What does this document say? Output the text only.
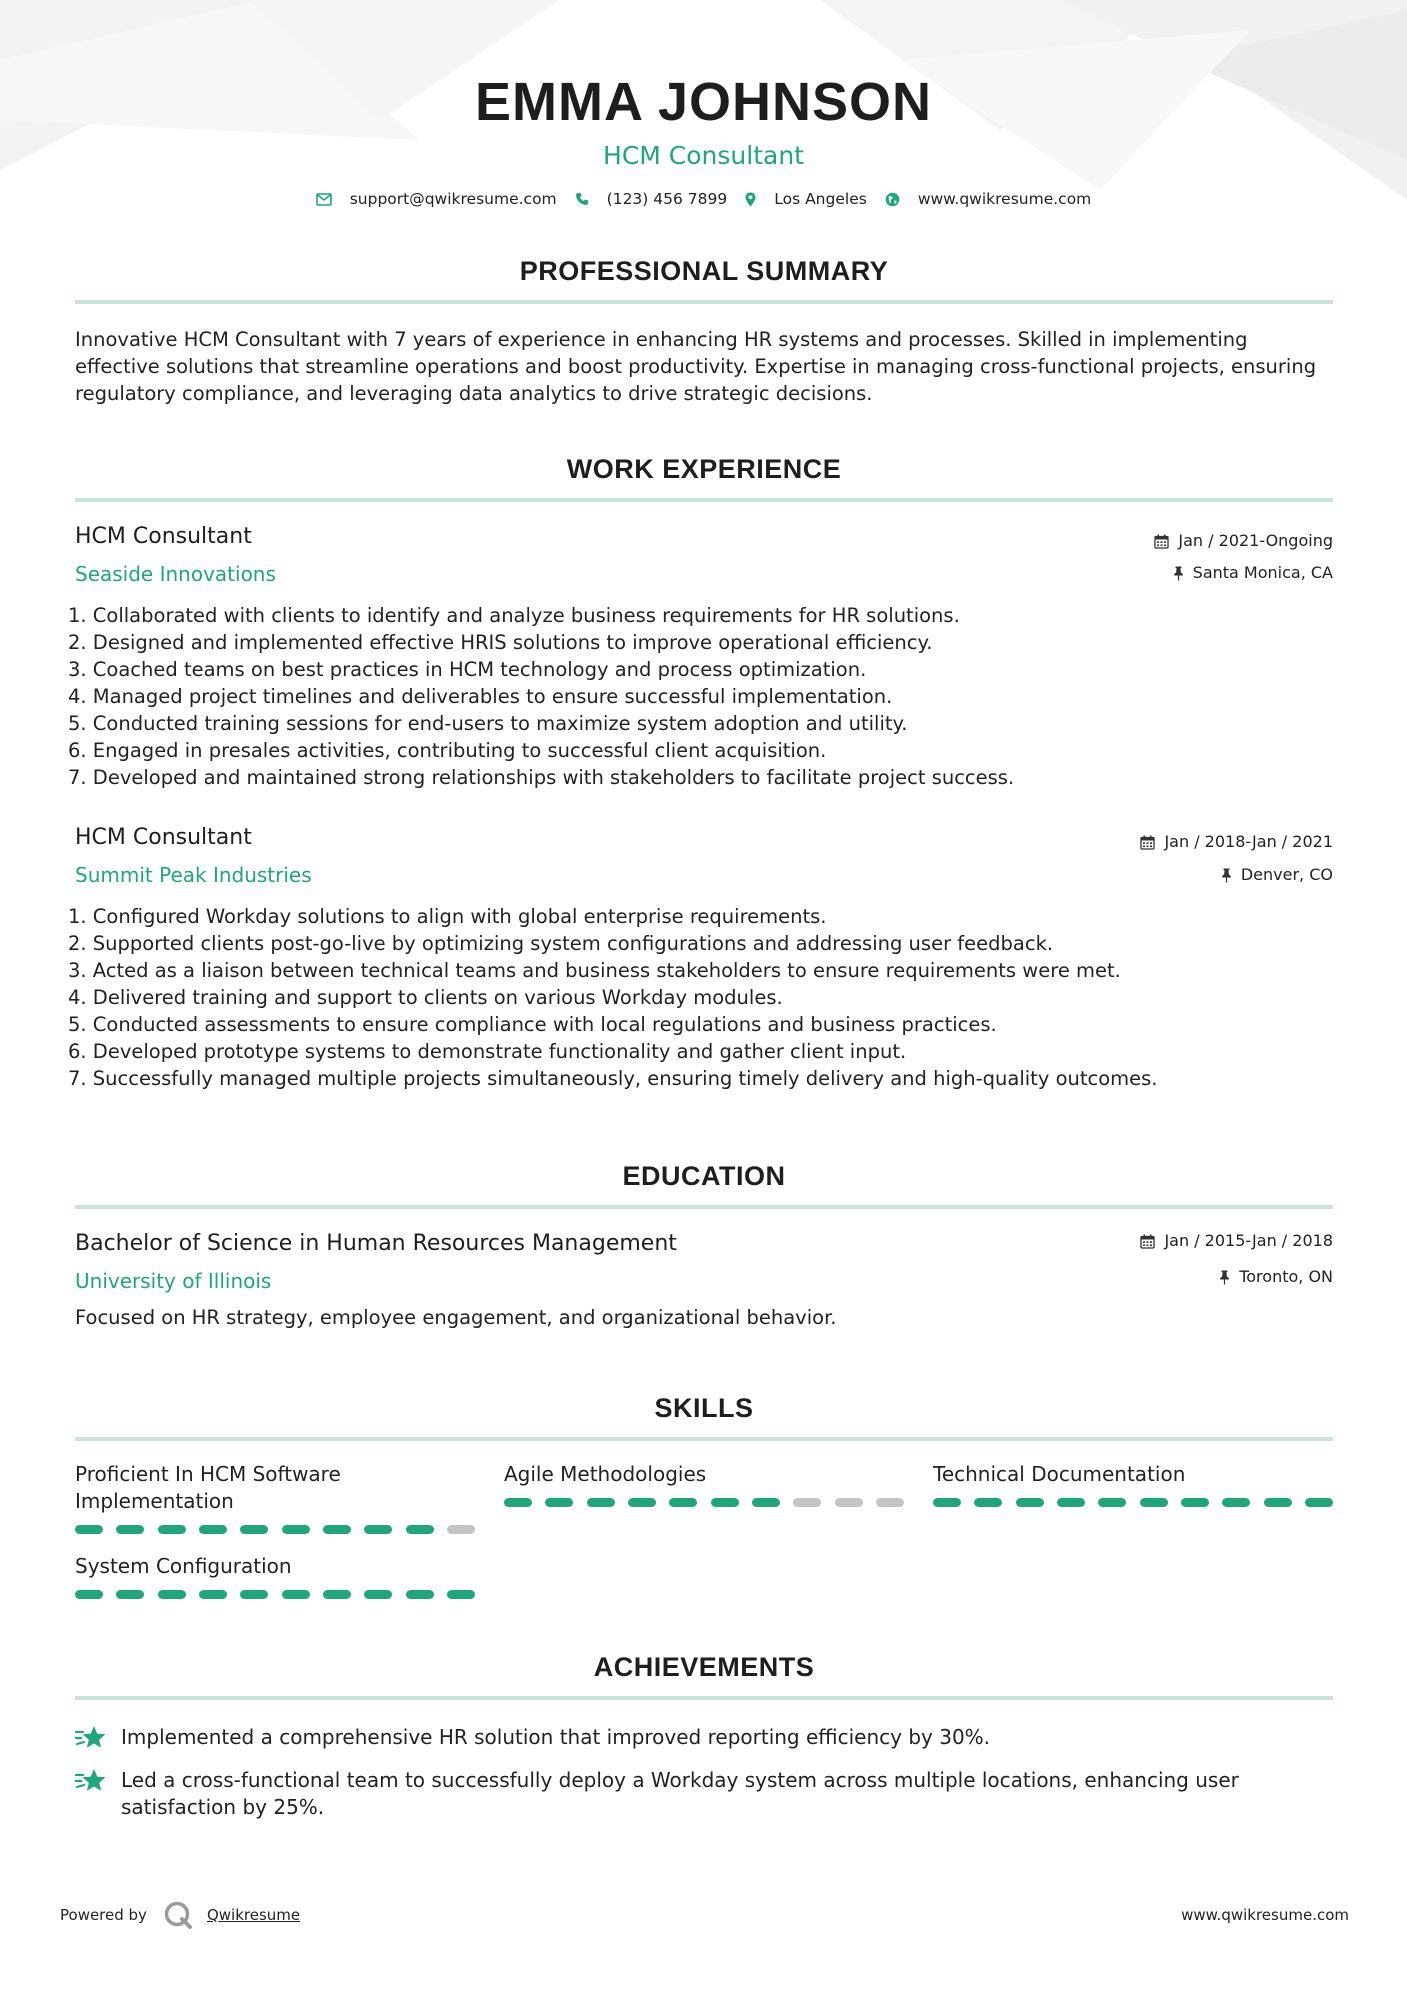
EMMA JOHNSON
HCM Consultant
support@qwikresume.com	(123) 456 7899	Los Angeles	www.qwikresume.com
PROFESSIONAL SUMMARY
Innovative HCM Consultant with 7 years of experience in enhancing HR systems and processes. Skilled in implementing effective solutions that streamline operations and boost productivity. Expertise in managing cross-functional projects, ensuring regulatory compliance, and leveraging data analytics to drive strategic decisions.
WORK EXPERIENCE
HCM Consultant	Jan / 2021-Ongoing
Seaside Innovations	Santa Monica, CA
1. Collaborated with clients to identify and analyze business requirements for HR solutions.
2. Designed and implemented effective HRIS solutions to improve operational efficiency.
3. Coached teams on best practices in HCM technology and process optimization.
4. Managed project timelines and deliverables to ensure successful implementation.
5. Conducted training sessions for end-users to maximize system adoption and utility.
6. Engaged in presales activities, contributing to successful client acquisition.
7. Developed and maintained strong relationships with stakeholders to facilitate project success.
HCM Consultant	Jan / 2018-Jan / 2021
Summit Peak Industries	Denver, CO
1. Configured Workday solutions to align with global enterprise requirements.
2. Supported clients post-go-live by optimizing system configurations and addressing user feedback.
3. Acted as a liaison between technical teams and business stakeholders to ensure requirements were met.
4. Delivered training and support to clients on various Workday modules.
5. Conducted assessments to ensure compliance with local regulations and business practices.
6. Developed prototype systems to demonstrate functionality and gather client input.
7. Successfully managed multiple projects simultaneously, ensuring timely delivery and high-quality outcomes.
EDUCATION
Bachelor of Science in Human Resources Management	Jan / 2015-Jan / 2018
University of Illinois	Toronto, ON
Focused on HR strategy, employee engagement, and organizational behavior.
SKILLS
Proficient In HCM Software Implementation
Agile Methodologies	Technical Documentation
System Configuration
ACHIEVEMENTS
Implemented a comprehensive HR solution that improved reporting efficiency by 30%.
Led a cross-functional team to successfully deploy a Workday system across multiple locations, enhancing user satisfaction by 25%.
Powered by	Qwikresume	www.qwikresume.com
